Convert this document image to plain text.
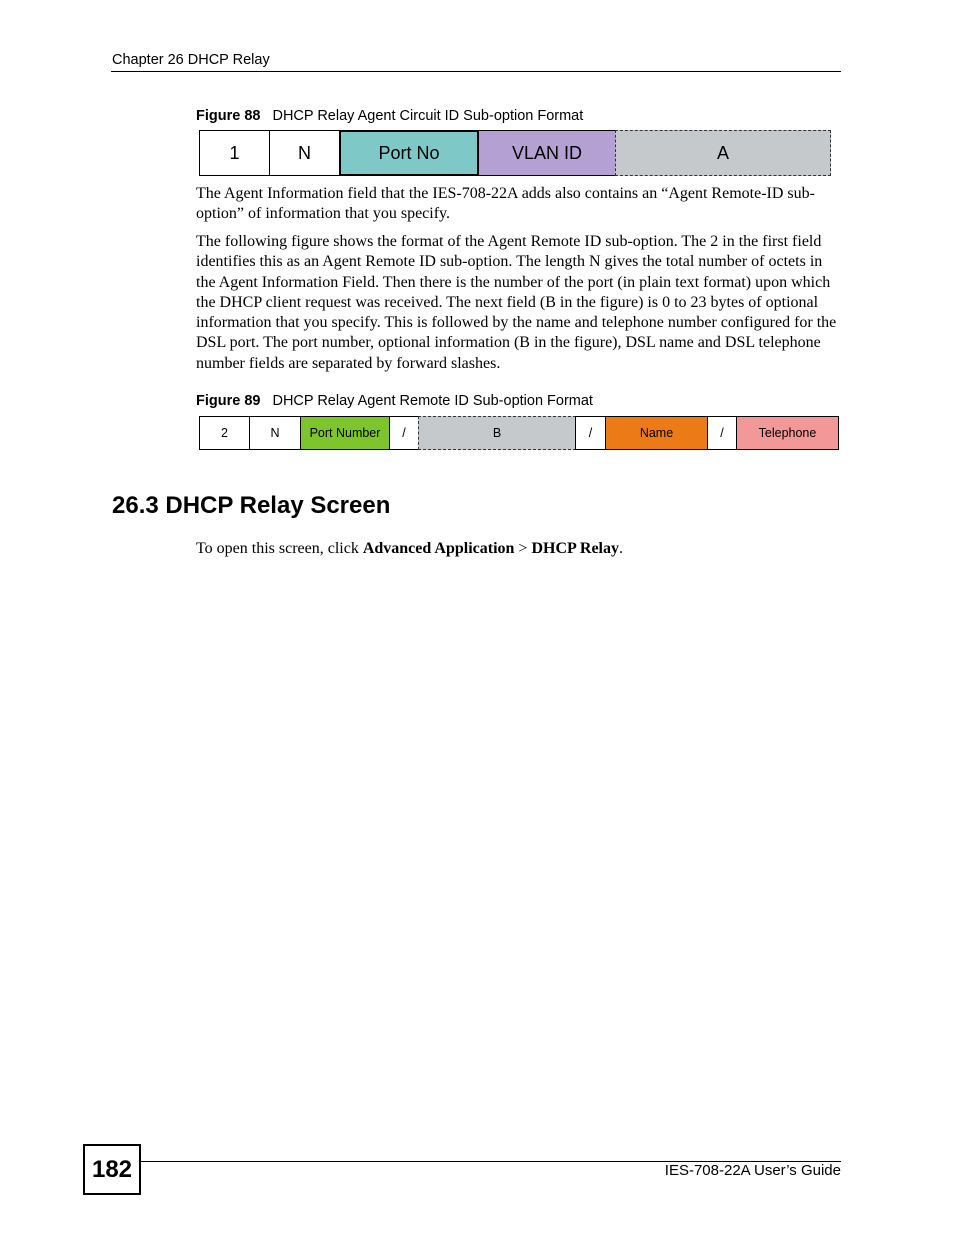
Chapter 26 DHCP Relay
Figure 88 DHCP Relay Agent Circuit ID Sub-option Format
1	N	Port No	VLAN ID	A
The Agent Information field that the IES-708-22A adds also contains an “Agent Remote-ID sub-option” of information that you specify.
The following figure shows the format of the Agent Remote ID sub-option. The 2 in the first field identifies this as an Agent Remote ID sub-option. The length N gives the total number of octets in the Agent Information Field. Then there is the number of the port (in plain text format) upon which the DHCP client request was received. The next field (B in the figure) is 0 to 23 bytes of optional information that you specify. This is followed by the name and telephone number configured for the DSL port. The port number, optional information (B in the figure), DSL name and DSL telephone number fields are separated by forward slashes.
Figure 89 DHCP Relay Agent Remote ID Sub-option Format
2	N	Port Number	/	B	/	Name	/	Telephone
26.3 DHCP Relay Screen
To open this screen, click Advanced Application > DHCP Relay.
182	IES-708-22A User’s Guide
